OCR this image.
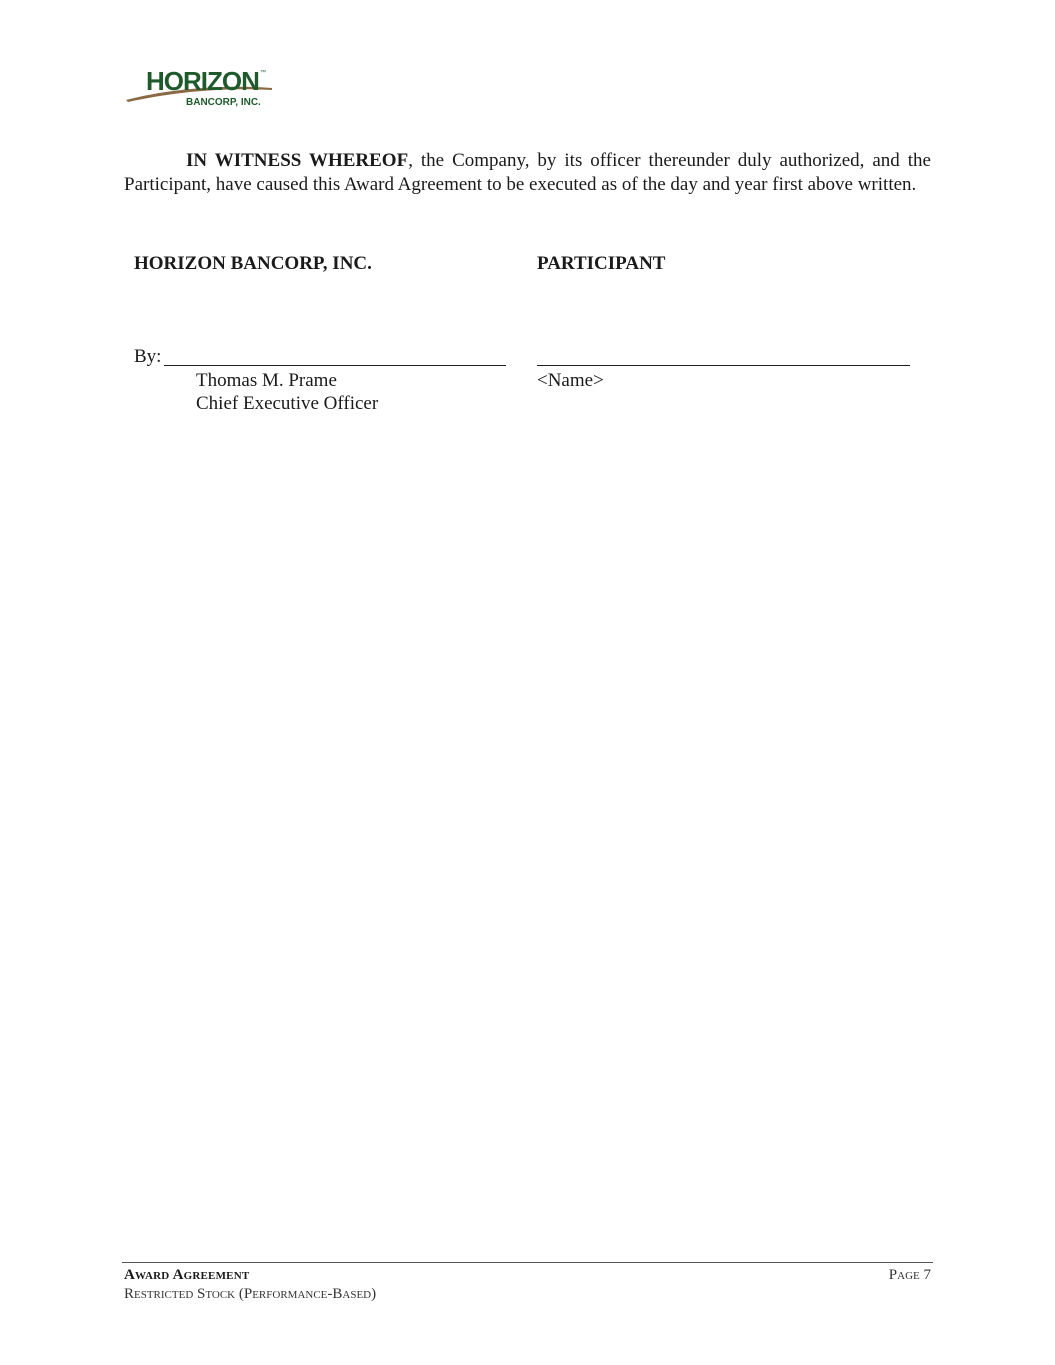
HORIZON ™
BANCORP, INC.

IN WITNESS WHEREOF, the Company, by its officer thereunder duly authorized, and the Participant, have caused this Award Agreement to be executed as of the day and year first above written.

HORIZON BANCORP, INC.	PARTICIPANT
By:
Thomas M. Prame
Chief Executive Officer
<Name>
Award Agreement
Restricted Stock (Performance-Based)
Page 7
